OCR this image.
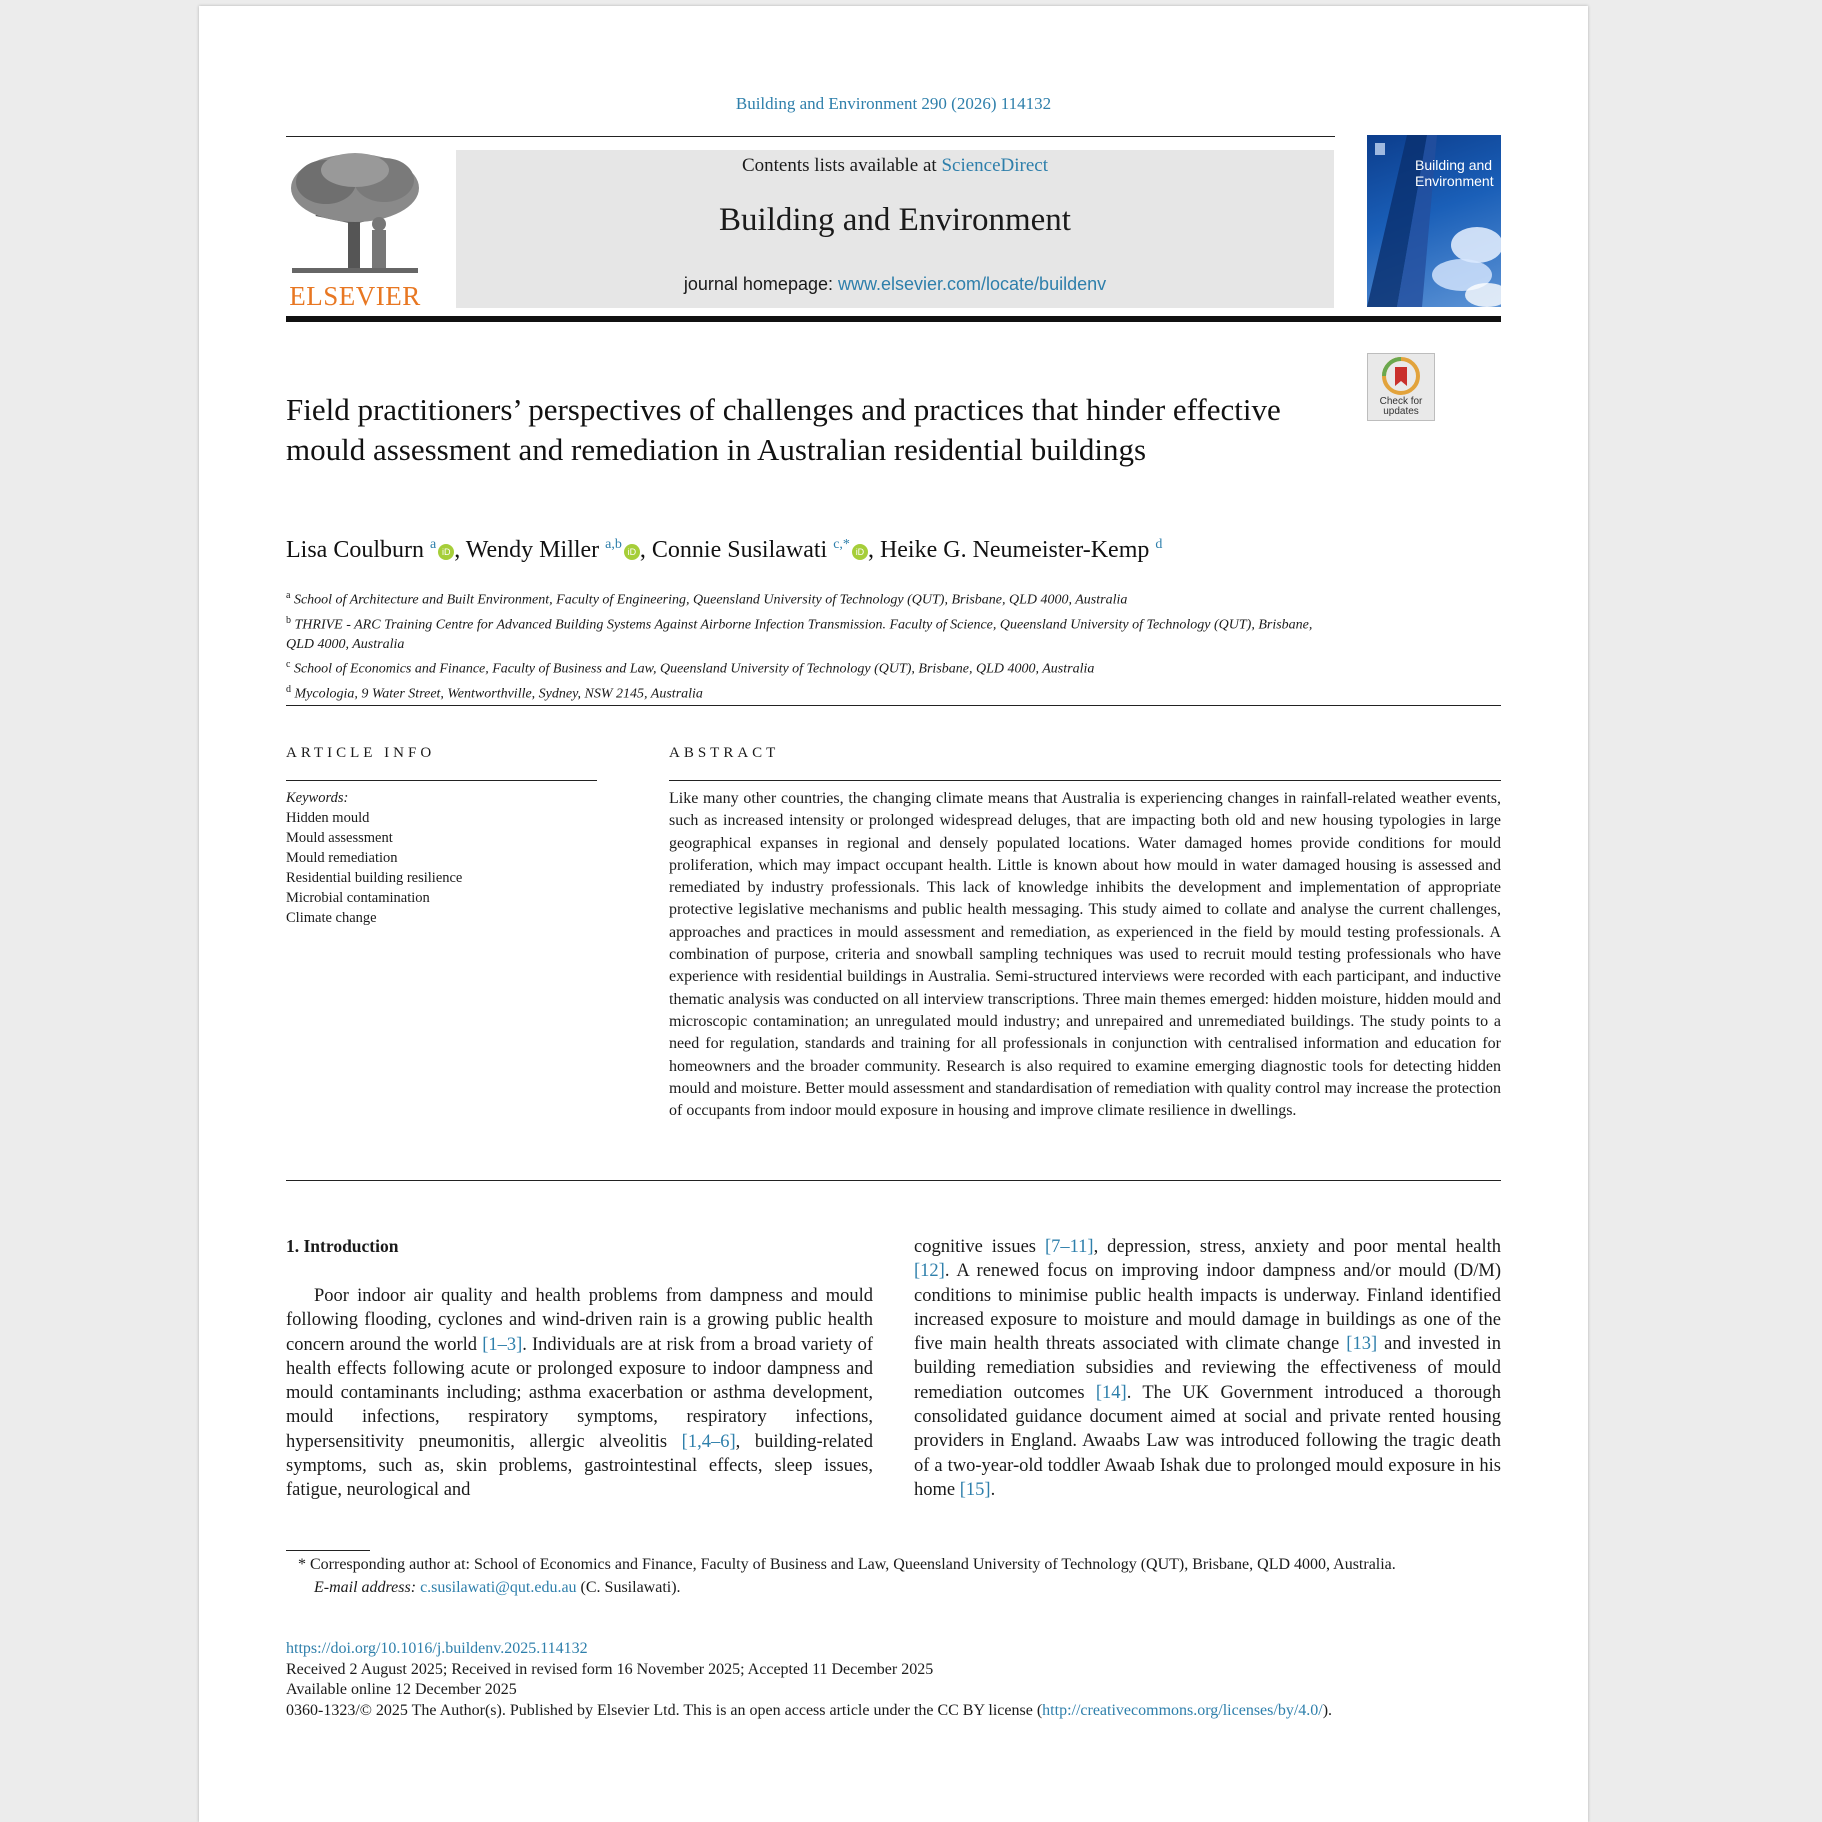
Building and Environment 290 (2026) 114132
ELSEVIER
Contents lists available at ScienceDirect
Building and Environment
journal homepage: www.elsevier.com/locate/buildenv
Building and Environment
Check for updates
Field practitioners’ perspectives of challenges and practices that hinder effective mould assessment and remediation in Australian residential buildings
Lisa Coulburn $^a$ iD , Wendy Miller $^{a,b}$ iD , Connie Susilawati $^{c,*}$ iD , Heike G. Neumeister-Kemp $^d$
$^a$ School of Architecture and Built Environment, Faculty of Engineering, Queensland University of Technology (QUT), Brisbane, QLD 4000, Australia
$^b$ THRIVE - ARC Training Centre for Advanced Building Systems Against Airborne Infection Transmission. Faculty of Science, Queensland University of Technology (QUT), Brisbane, QLD 4000, Australia
$^c$ School of Economics and Finance, Faculty of Business and Law, Queensland University of Technology (QUT), Brisbane, QLD 4000, Australia
$^d$ Mycologia, 9 Water Street, Wentworthville, Sydney, NSW 2145, Australia
ARTICLE INFO
Keywords:
Hidden mould
Mould assessment
Mould remediation
Residential building resilience
Microbial contamination
Climate change
ABSTRACT
Like many other countries, the changing climate means that Australia is experiencing changes in rainfall-related weather events, such as increased intensity or prolonged widespread deluges, that are impacting both old and new housing typologies in large geographical expanses in regional and densely populated locations. Water damaged homes provide conditions for mould proliferation, which may impact occupant health. Little is known about how mould in water damaged housing is assessed and remediated by industry professionals. This lack of knowledge inhibits the development and implementation of appropriate protective legislative mechanisms and public health messaging. This study aimed to collate and analyse the current challenges, approaches and practices in mould assessment and remediation, as experienced in the field by mould testing professionals. A combination of purpose, criteria and snowball sampling techniques was used to recruit mould testing professionals who have experience with residential buildings in Australia. Semi-structured interviews were recorded with each participant, and inductive thematic analysis was conducted on all interview transcriptions. Three main themes emerged: hidden moisture, hidden mould and microscopic contamination; an unregulated mould industry; and unrepaired and unremediated buildings. The study points to a need for regulation, standards and training for all professionals in conjunction with centralised information and education for homeowners and the broader community. Research is also required to examine emerging diagnostic tools for detecting hidden mould and moisture. Better mould assessment and standardisation of remediation with quality control may increase the protection of occupants from indoor mould exposure in housing and improve climate resilience in dwellings.
1. Introduction
Poor indoor air quality and health problems from dampness and mould following flooding, cyclones and wind-driven rain is a growing public health concern around the world [1–3]. Individuals are at risk from a broad variety of health effects following acute or prolonged exposure to indoor dampness and mould contaminants including; asthma exacerbation or asthma development, mould infections, respiratory symptoms, respiratory infections, hypersensitivity pneumonitis, allergic alveolitis [1,4–6], building-related symptoms, such as, skin problems, gastrointestinal effects, sleep issues, fatigue, neurological and
cognitive issues [7–11], depression, stress, anxiety and poor mental health [12]. A renewed focus on improving indoor dampness and/or mould (D/M) conditions to minimise public health impacts is underway. Finland identified increased exposure to moisture and mould damage in buildings as one of the five main health threats associated with climate change [13] and invested in building remediation subsidies and reviewing the effectiveness of mould remediation outcomes [14]. The UK Government introduced a thorough consolidated guidance document aimed at social and private rented housing providers in England. Awaabs Law was introduced following the tragic death of a two-year-old toddler Awaab Ishak due to prolonged mould exposure in his home [15].
* Corresponding author at: School of Economics and Finance, Faculty of Business and Law, Queensland University of Technology (QUT), Brisbane, QLD 4000, Australia.
E-mail address: c.susilawati@qut.edu.au (C. Susilawati).
https://doi.org/10.1016/j.buildenv.2025.114132
Received 2 August 2025; Received in revised form 16 November 2025; Accepted 11 December 2025
Available online 12 December 2025
0360-1323/© 2025 The Author(s). Published by Elsevier Ltd. This is an open access article under the CC BY license (http://creativecommons.org/licenses/by/4.0/).
